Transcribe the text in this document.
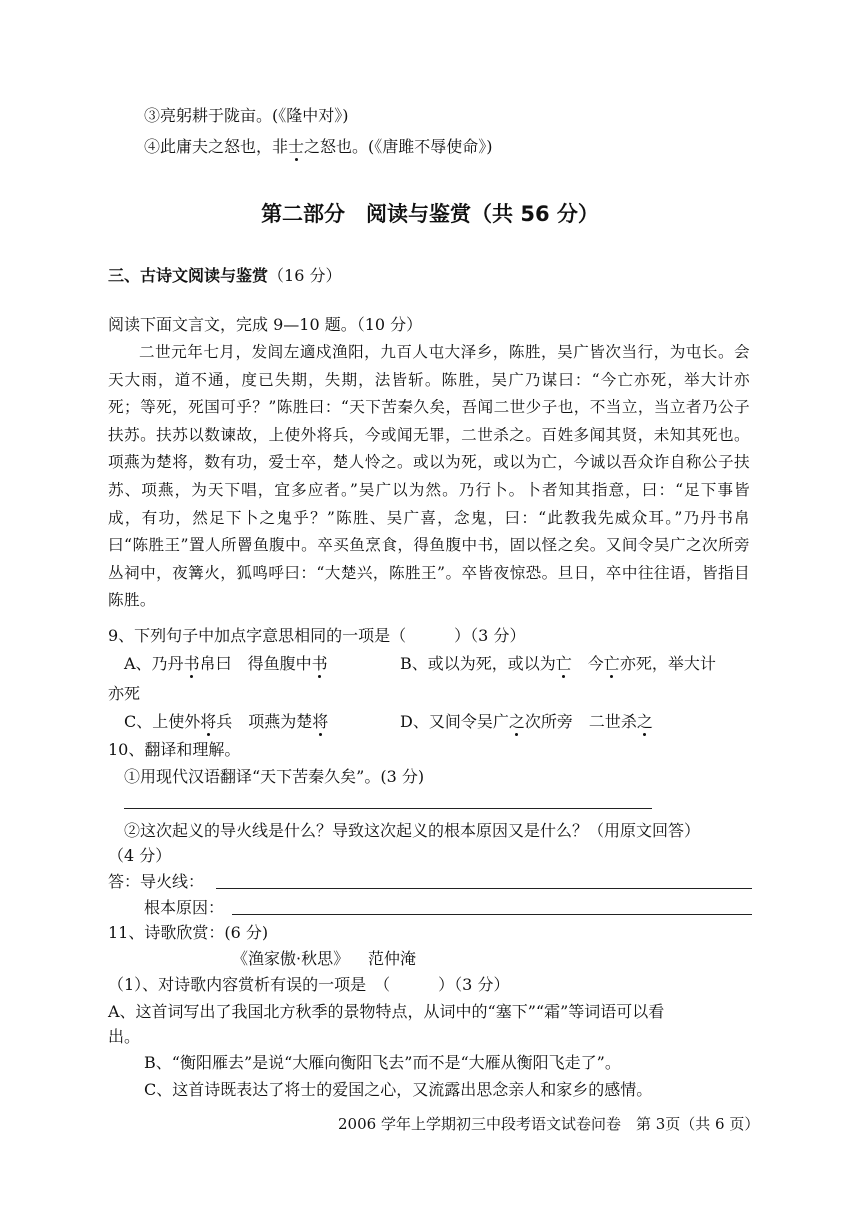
③亮躬耕于陇亩。(《隆中对》)
④此庸夫之怒也，非士之怒也。(《唐雎不辱使命》)
第二部分　阅读与鉴赏（共 56 分）
三、古诗文阅读与鉴赏（16 分）
阅读下面文言文，完成 9—10 题。（10 分）
二世元年七月，发闾左適戍渔阳，九百人屯大泽乡，陈胜，吴广皆次当行，为屯长。会天大雨，道不通，度已失期，失期，法皆斩。陈胜，吴广乃谋曰：“今亡亦死，举大计亦死；等死，死国可乎？”陈胜曰：“天下苦秦久矣，吾闻二世少子也，不当立，当立者乃公子扶苏。扶苏以数谏故，上使外将兵，今或闻无罪，二世杀之。百姓多闻其贤，未知其死也。项燕为楚将，数有功，爱士卒，楚人怜之。或以为死，或以为亡，今诚以吾众诈自称公子扶苏、项燕，为天下唱，宜多应者。”吴广以为然。乃行卜。卜者知其指意，曰：“足下事皆成，有功，然足下卜之鬼乎？”陈胜、吴广喜，念鬼，曰：“此教我先威众耳。”乃丹书帛曰“陈胜王”置人所罾鱼腹中。卒买鱼烹食，得鱼腹中书，固以怪之矣。又间令吴广之次所旁丛祠中，夜篝火，狐鸣呼曰：“大楚兴，陈胜王”。卒皆夜惊恐。旦日，卒中往往语，皆指目陈胜。
9、下列句子中加点字意思相同的一项是（　　　）（3 分）
A、乃丹书帛曰　得鱼腹中书	B、或以为死，或以为亡　今亡亦死，举大计
亦死
C、上使外将兵　项燕为楚将	D、又间令吴广之次所旁　二世杀之
10、翻译和理解。
①用现代汉语翻译“天下苦秦久矣”。(3 分)
②这次起义的导火线是什么？导致这次起义的根本原因又是什么？（用原文回答）
（4 分）
答：导火线：
根本原因：
11、诗歌欣赏：(6 分)
《渔家傲·秋思》 范仲淹
（1）、对诗歌内容赏析有误的一项是　（　　　）（3 分）
A、这首词写出了我国北方秋季的景物特点，从词中的“塞下”“霜”等词语可以看
出。
B、“衡阳雁去”是说“大雁向衡阳飞去”而不是“大雁从衡阳飞走了”。
C、这首诗既表达了将士的爱国之心，又流露出思念亲人和家乡的感情。
2006 学年上学期初三中段考语文试卷问卷　第 3页（共 6 页）
